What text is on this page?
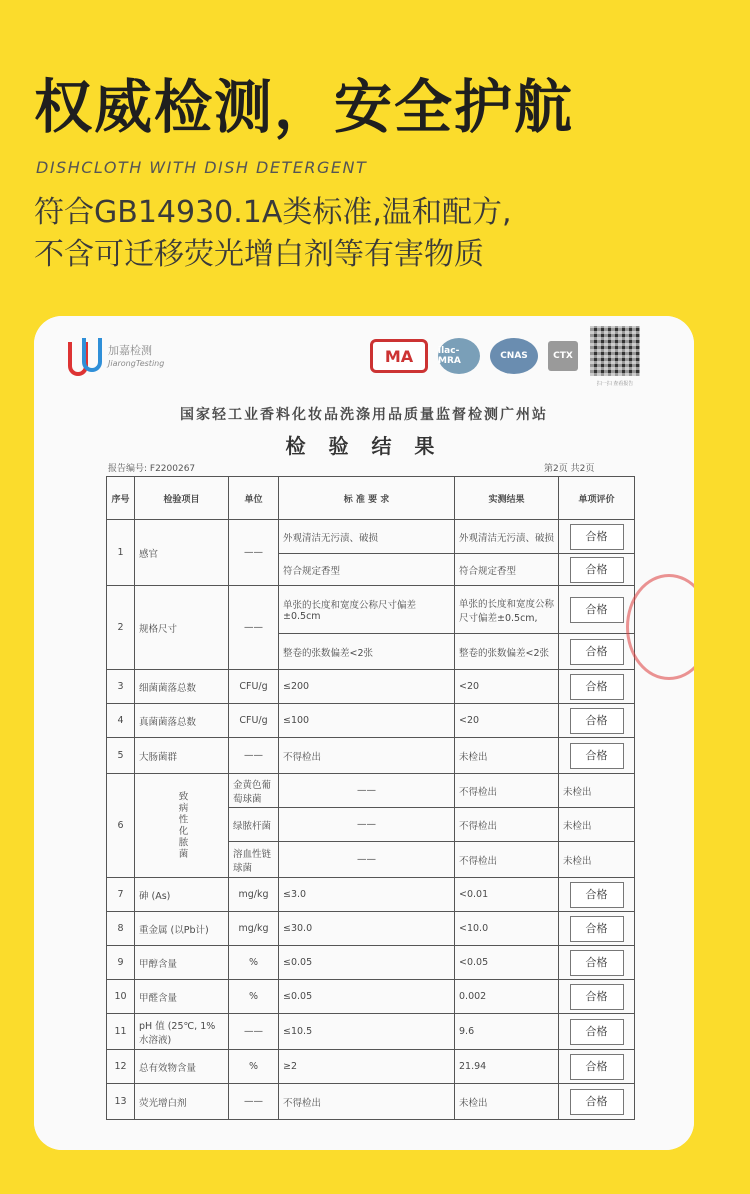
权威检测，安全护航
DISHCLOTH WITH DISH DETERGENT
符合GB14930.1A类标准,温和配方,
不含可迁移荧光增白剂等有害物质
加嘉检测
JiarongTesting	MA	ilac-MRA	CNAS	CTX
扫一扫 查看报告
国家轻工业香料化妆品洗涤用品质量监督检测广州站
检 验 结 果
报告编号: F2200267	第2页 共2页
序号	检验项目	单位	标 准 要 求	实测结果	单项评价	
1	感官	——	外观清洁无污渍、破损	外观清洁无污渍、破损	合格	
			符合规定香型	符合规定香型	合格	
2	规格尺寸	——	单张的长度和宽度公称尺寸偏差±0.5cm	单张的长度和宽度公称尺寸偏差±0.5cm,	合格	
			整卷的张数偏差<2张	整卷的张数偏差<2张	合格	
3	细菌菌落总数	CFU/g	≤200	<20	合格	
4	真菌菌落总数	CFU/g	≤100	<20	合格	
5	大肠菌群	——	不得检出	未检出	合格	
6	致病性化脓菌	金黄色葡萄球菌	——	不得检出	未检出	
		绿脓杆菌	——	不得检出	未检出	
		溶血性链球菌	——	不得检出	未检出	
7	砷 (As)	mg/kg	≤3.0	<0.01	合格	
8	重金属 (以Pb计)	mg/kg	≤30.0	<10.0	合格	
9	甲醇含量	%	≤0.05	<0.05	合格	
10	甲醛含量	%	≤0.05	0.002	合格	
11	pH 值 (25℃, 1%水溶液)	——	≤10.5	9.6	合格	
12	总有效物含量	%	≥2	21.94	合格	
13	荧光增白剂	——	不得检出	未检出	合格	
